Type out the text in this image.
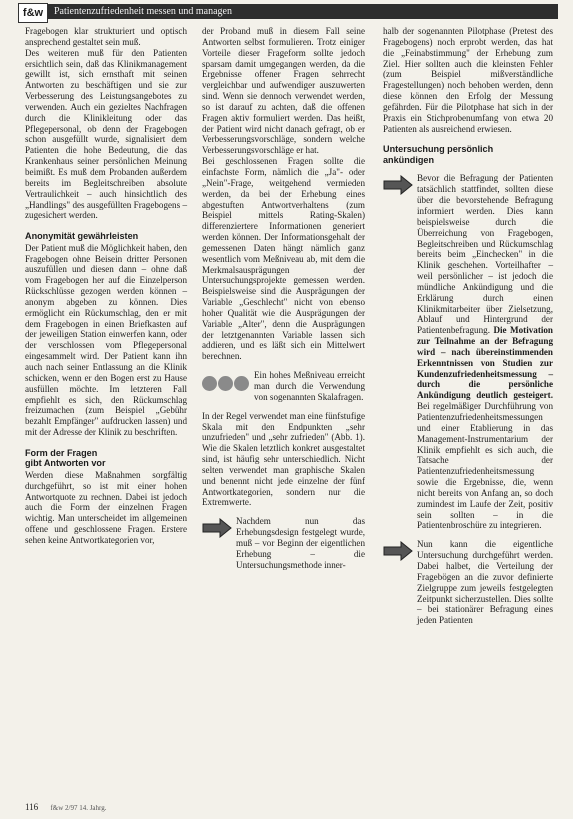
f&w	Patientenzufriedenheit messen und managen

Fragebogen klar strukturiert und optisch ansprechend gestaltet sein muß.

Des weiteren muß für den Patienten ersichtlich sein, daß das Klinikmanagement gewillt ist, sich ernsthaft mit seinen Antworten zu beschäftigen und sie zur Verbesserung des Leistungsangebotes zu verwenden. Auch ein gezieltes Nachfragen durch die Klinikleitung oder das Pflegepersonal, ob denn der Fragebogen schon ausgefüllt wurde, signalisiert dem Patienten die hohe Bedeutung, die das Krankenhaus seiner persönlichen Meinung beimißt. Es muß dem Probanden außerdem bereits im Begleitschreiben absolute Vertraulichkeit – auch hinsichtlich des „Handlings" des ausgefüllten Fragebogens – zugesichert werden.

Anonymität gewährleisten

Der Patient muß die Möglichkeit haben, den Fragebogen ohne Beisein dritter Personen auszufüllen und diesen dann – ohne daß vom Fragebogen her auf die Einzelperson Rückschlüsse gezogen werden können – anonym abgeben zu können. Dies ermöglicht ein Rückumschlag, den er mit dem Fragebogen in einen Briefkasten auf der jeweiligen Station einwerfen kann, oder der verschlossen vom Pflegepersonal eingesammelt wird. Der Patient kann ihn auch nach seiner Entlassung an die Klinik schicken, wenn er den Bogen erst zu Hause ausfüllen möchte. Im letzteren Fall empfiehlt es sich, den Rückumschlag freizumachen (zum Beispiel „Gebühr bezahlt Empfänger" aufdrucken lassen) und mit der Adresse der Klinik zu beschriften.

Form der Fragen
gibt Antworten vor

Werden diese Maßnahmen sorgfältig durchgeführt, so ist mit einer hohen Antwortquote zu rechnen. Dabei ist jedoch auch die Form der einzelnen Fragen wichtig. Man unterscheidet im allgemeinen offene und geschlossene Fragen. Erstere sehen keine Antwortkategorien vor,

der Proband muß in diesem Fall seine Antworten selbst formulieren. Trotz einiger Vorteile dieser Frageform sollte jedoch sparsam damit umgegangen werden, da die Ergebnisse offener Fragen sehrrecht vergleichbar und aufwendiger auszuwerten sind. Wenn sie dennoch verwendet werden, so ist darauf zu achten, daß die offenen Fragen aktiv formuliert werden. Das heißt, der Patient wird nicht danach gefragt, ob er Verbesserungsvorschläge, sondern welche Verbesserungsvorschläge er hat.

Bei geschlossenen Fragen sollte die einfachste Form, nämlich die „Ja"- oder „Nein"-Frage, weitgehend vermieden werden, da bei der Erhebung eines abgestuften Antwortverhaltens (zum Beispiel mittels Rating-Skalen) differenziertere Informationen generiert werden können. Der Informationsgehalt der gemessenen Daten hängt nämlich ganz wesentlich vom Meßniveau ab, mit dem die Merkmalsausprägungen der Untersuchungsprojekte gemessen werden. Beispielsweise sind die Ausprägungen der Variable „Geschlecht" nicht von ebenso hoher Qualität wie die Ausprägungen der Variable „Alter", denn die Ausprägungen der letztgenannten Variable lassen sich addieren, und es läßt sich ein Mittelwert berechnen.

Ein hohes Meßniveau erreicht man durch die Verwendung von sogenannten Skalafragen.

In der Regel verwendet man eine fünfstufige Skala mit den Endpunkten „sehr unzufrieden" und „sehr zufrieden" (Abb. 1). Wie die Skalen letztlich konkret ausgestaltet sind, ist häufig sehr unterschiedlich. Nicht selten verwendet man graphische Skalen und benennt nicht jede einzelne der fünf Antwortkategorien, sondern nur die Extremwerte.

Nachdem nun das Erhebungsdesign festgelegt wurde, muß – vor Beginn der eigentlichen Erhebung – die Untersuchungsmethode inner-

halb der sogenannten Pilotphase (Pretest des Fragebogens) noch erprobt werden, das hat die „Feinabstimmung" der Erhebung zum Ziel. Hier sollten auch die kleinsten Fehler (zum Beispiel mißverständliche Fragestellungen) noch behoben werden, denn diese können den Erfolg der Messung gefährden. Für die Pilotphase hat sich in der Praxis ein Stichprobenumfang von etwa 20 Patienten als ausreichend erwiesen.

Untersuchung persönlich
ankündigen

Bevor die Befragung der Patienten tatsächlich stattfindet, sollten diese über die bevorstehende Befragung informiert werden. Dies kann beispielsweise durch die Überreichung von Fragebogen, Begleitschreiben und Rückumschlag bereits beim „Einchecken" in die Klinik geschehen. Vorteilhafter – weil persönlicher – ist jedoch die mündliche Ankündigung und die Erklärung durch einen Klinikmitarbeiter über Zielsetzung, Ablauf und Hintergrund der Patientenbefragung. Die Motivation zur Teilnahme an der Befragung wird – nach übereinstimmenden Erkenntnissen von Studien zur Kundenzufriedenheitsmessung – durch die persönliche Ankündigung deutlich gesteigert. Bei regelmäßiger Durchführung von Patientenzufriedenheitsmessungen und einer Etablierung in das Management-Instrumentarium der Klinik empfiehlt es sich auch, die Tatsache der Patientenzufriedenheitsmessung sowie die Ergebnisse, die, wenn nicht bereits von Anfang an, so doch zumindest im Laufe der Zeit, positiv sein sollten – in die Patientenbroschüre zu integrieren.

Nun kann die eigentliche Untersuchung durchgeführt werden. Dabei halbet, die Verteilung der Fragebögen an die zuvor definierte Zielgruppe zum jeweils festgelegten Zeitpunkt sicherzustellen. Dies sollte – bei stationärer Befragung eines jeden Patienten

116 f&w 2/97 14. Jahrg.
